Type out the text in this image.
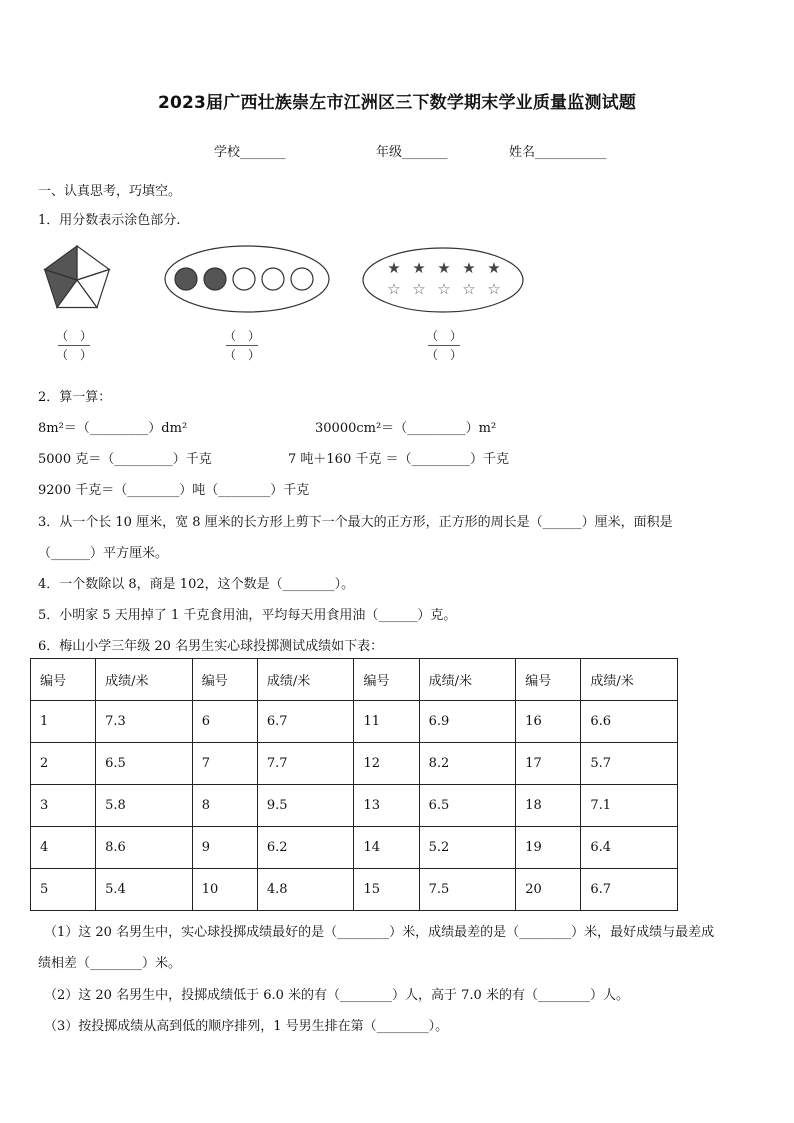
2023届广西壮族崇左市江洲区三下数学期末学业质量监测试题
学校_______	年级_______	姓名___________
一、认真思考，巧填空。
1．用分数表示涂色部分.
★ ★ ★ ★ ★
☆ ☆ ☆ ☆ ☆
（　）
（　）
（　）
（　）
（　）
（　）
2．算一算：
8m²＝（_________）dm²	30000cm²＝（_________）m²
5000 克＝（_________）千克	7 吨＋160 千克 ＝（_________）千克
9200 千克＝（________）吨（________）千克
3．从一个长 10 厘米，宽 8 厘米的长方形上剪下一个最大的正方形，正方形的周长是（______）厘米，面积是
（______）平方厘米。
4．一个数除以 8，商是 102，这个数是（________）。
5．小明家 5 天用掉了 1 千克食用油，平均每天用食用油（______）克。
6．梅山小学三年级 20 名男生实心球投掷测试成绩如下表：
编号	成绩/米	编号	成绩/米	编号	成绩/米	编号	成绩/米
1	7.3	6	6.7	11	6.9	16	6.6
2	6.5	7	7.7	12	8.2	17	5.7
3	5.8	8	9.5	13	6.5	18	7.1
4	8.6	9	6.2	14	5.2	19	6.4
5	5.4	10	4.8	15	7.5	20	6.7
（1）这 20 名男生中，实心球投掷成绩最好的是（________）米，成绩最差的是（________）米，最好成绩与最差成
绩相差（________）米。
（2）这 20 名男生中，投掷成绩低于 6.0 米的有（________）人，高于 7.0 米的有（________）人。
（3）按投掷成绩从高到低的顺序排列，1 号男生排在第（________）。
